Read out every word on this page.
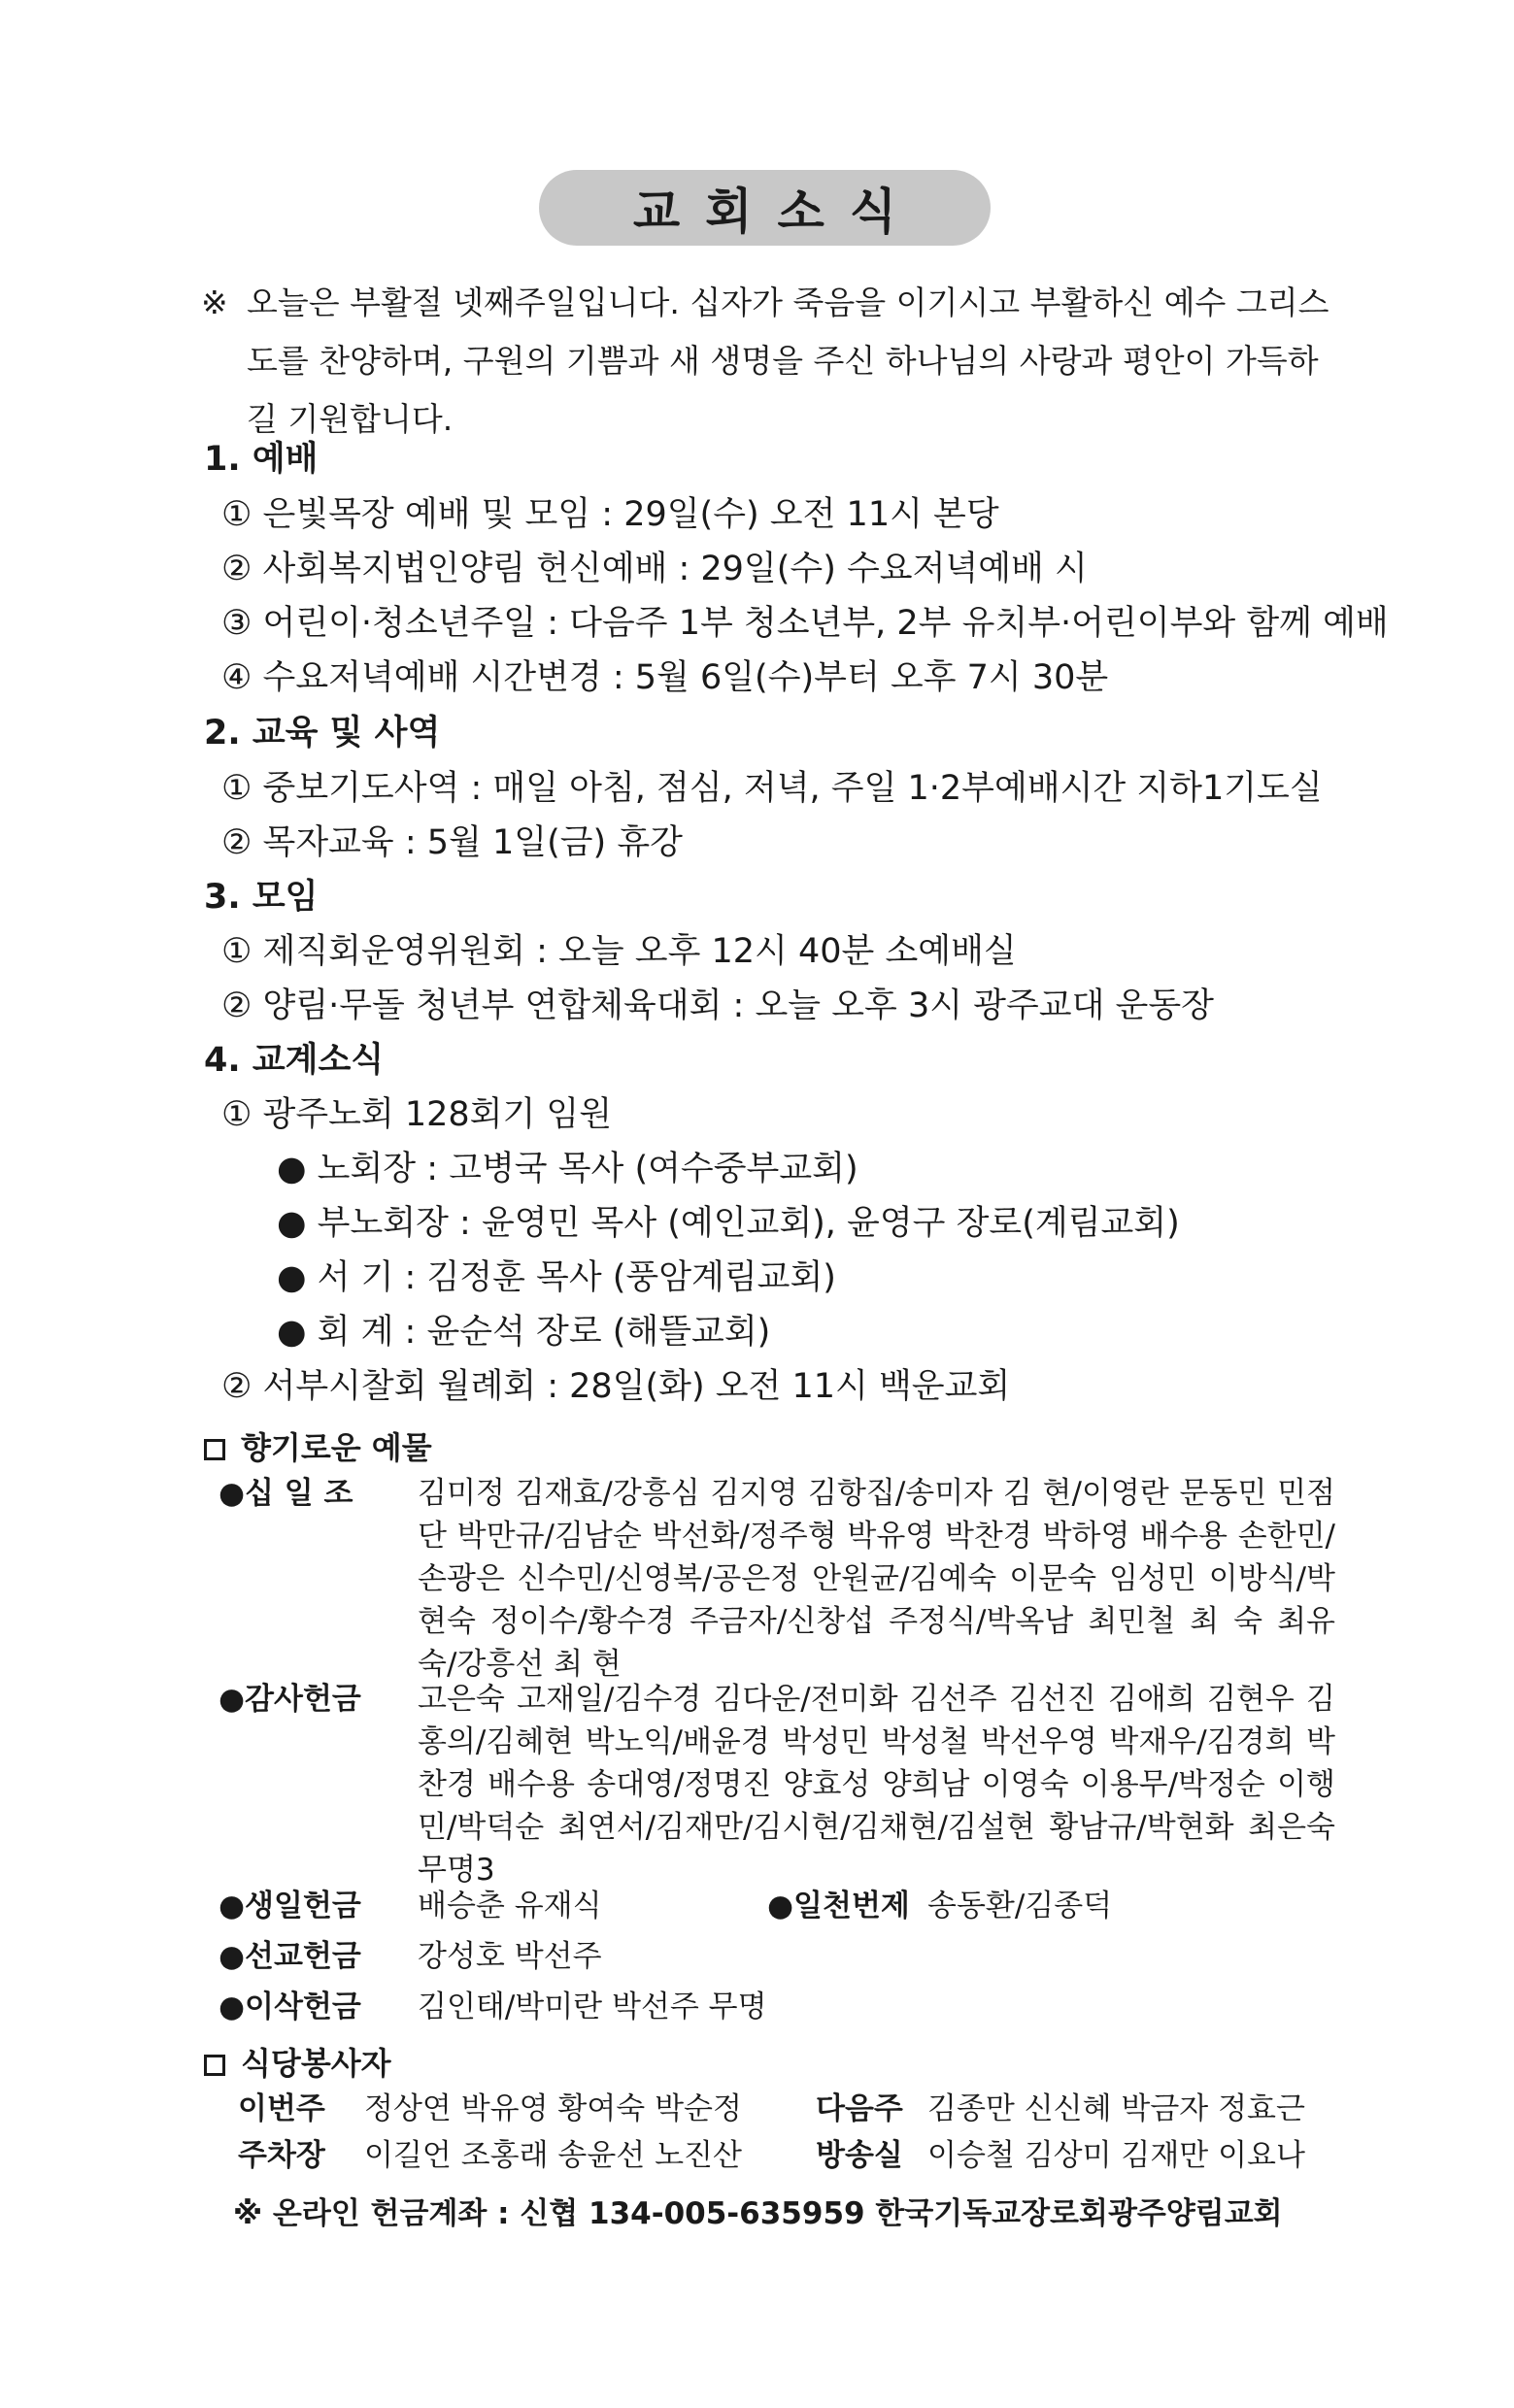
교회소식
※ 오늘은 부활절 넷째주일입니다. 십자가 죽음을 이기시고 부활하신 예수 그리스도를 찬양하며, 구원의 기쁨과 새 생명을 주신 하나님의 사랑과 평안이 가득하길 기원합니다.
1. 예배
① 은빛목장 예배 및 모임 : 29일(수) 오전 11시 본당
② 사회복지법인양림 헌신예배 : 29일(수) 수요저녁예배 시
③ 어린이·청소년주일 : 다음주 1부 청소년부, 2부 유치부·어린이부와 함께 예배
④ 수요저녁예배 시간변경 : 5월 6일(수)부터 오후 7시 30분
2. 교육 및 사역
① 중보기도사역 : 매일 아침, 점심, 저녁, 주일 1·2부예배시간 지하1기도실
② 목자교육 : 5월 1일(금) 휴강
3. 모임
① 제직회운영위원회 : 오늘 오후 12시 40분 소예배실
② 양림·무돌 청년부 연합체육대회 : 오늘 오후 3시 광주교대 운동장
4. 교계소식
① 광주노회 128회기 임원
● 노회장 : 고병국 목사 (여수중부교회)
● 부노회장 : 윤영민 목사 (예인교회), 윤영구 장로(계림교회)
● 서 기 : 김정훈 목사 (풍암계림교회)
● 회 계 : 윤순석 장로 (해뜰교회)
② 서부시찰회 월례회 : 28일(화) 오전 11시 백운교회
향기로운 예물
●십 일 조 김미정 김재효/강흥심 김지영 김항집/송미자 김 현/이영란 문동민 민점단 박만규/김남순 박선화/정주형 박유영 박찬경 박하영 배수용 손한민/손광은 신수민/신영복/공은정 안원균/김예숙 이문숙 임성민 이방식/박현숙 정이수/황수경 주금자/신창섭 주정식/박옥남 최민철 최 숙 최유숙/강흥선 최 현
●감사헌금 고은숙 고재일/김수경 김다운/전미화 김선주 김선진 김애희 김현우 김홍의/김혜현 박노익/배윤경 박성민 박성철 박선우영 박재우/김경희 박찬경 배수용 송대영/정명진 양효성 양희남 이영숙 이용무/박정순 이행민/박덕순 최연서/김재만/김시현/김채현/김설현 황남규/박현화 최은숙 무명3
●생일헌금 배승춘 유재식	●일천번제 송동환/김종덕
●선교헌금 강성호 박선주
●이삭헌금 김인태/박미란 박선주 무명
식당봉사자
이번주 정상연 박유영 황여숙 박순정 다음주 김종만 신신혜 박금자 정효근
주차장 이길언 조홍래 송윤선 노진산 방송실 이승철 김상미 김재만 이요나
※ 온라인 헌금계좌 : 신협 134-005-635959 한국기독교장로회광주양림교회
